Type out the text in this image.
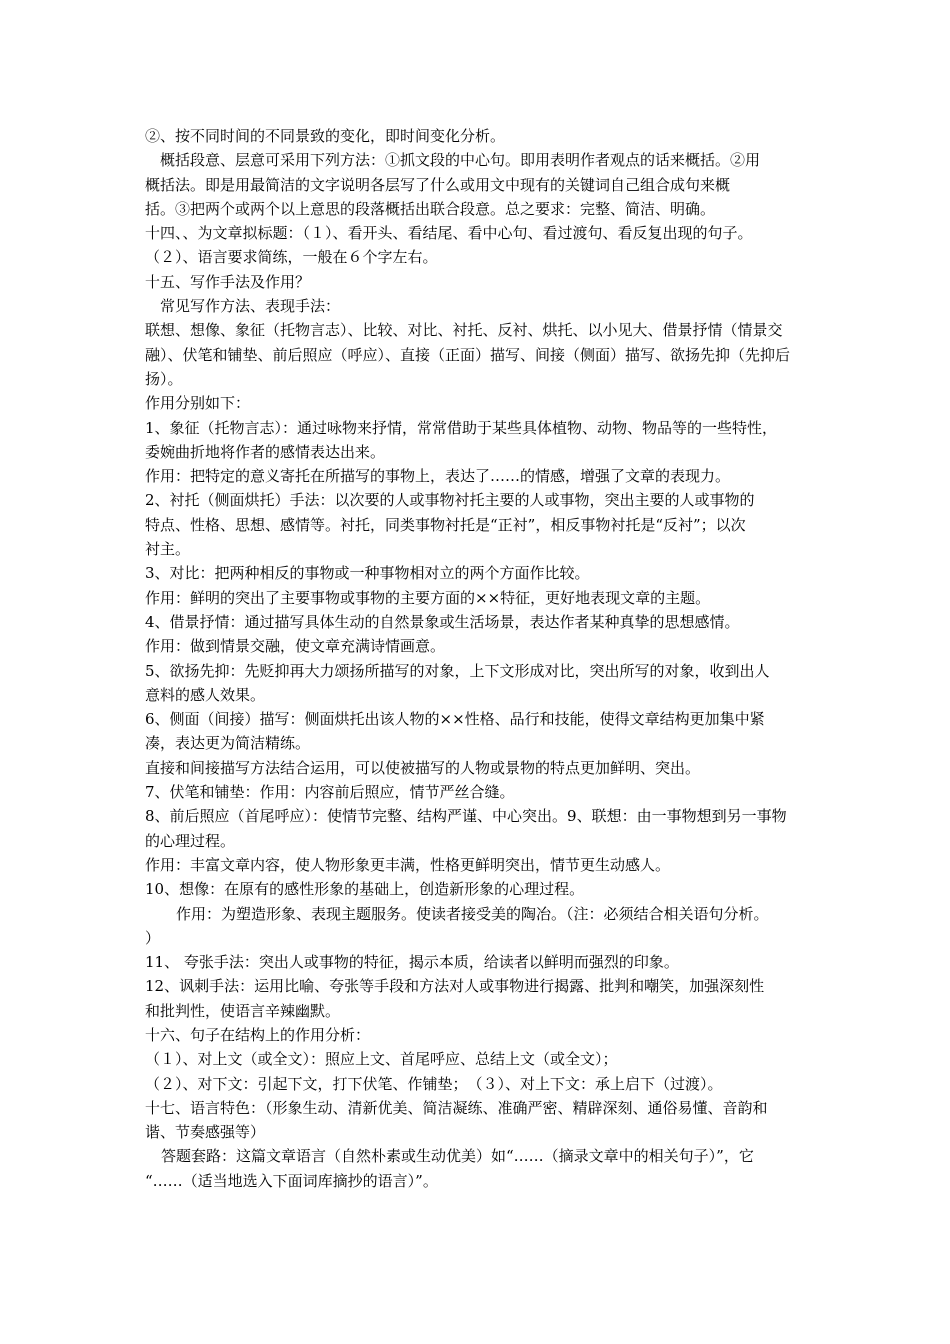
②、按不同时间的不同景致的变化，即时间变化分析。

概括段意、层意可采用下列方法：①抓文段的中心句。即用表明作者观点的话来概括。②用

概括法。即是用最简洁的文字说明各层写了什么或用文中现有的关键词自己组合成句来概

括。③把两个或两个以上意思的段落概括出联合段意。总之要求：完整、简洁、明确。

十四、、为文章拟标题：（１）、看开头、看结尾、看中心句、看过渡句、看反复出现的句子。

（２）、语言要求简练，一般在６个字左右。

十五、写作手法及作用？

常见写作方法、表现手法：

联想、想像、象征（托物言志）、比较、对比、衬托、反衬、烘托、以小见大、借景抒情（情景交

融）、伏笔和铺垫、前后照应（呼应）、直接（正面）描写、间接（侧面）描写、欲扬先抑（先抑后

扬）。

作用分别如下：

1、象征（托物言志）：通过咏物来抒情，常常借助于某些具体植物、动物、物品等的一些特性，

委婉曲折地将作者的感情表达出来。

作用：把特定的意义寄托在所描写的事物上，表达了……的情感，增强了文章的表现力。

2、衬托（侧面烘托）手法：以次要的人或事物衬托主要的人或事物，突出主要的人或事物的

特点、性格、思想、感情等。衬托，同类事物衬托是“正衬”，相反事物衬托是“反衬”；以次

衬主。

3、对比：把两种相反的事物或一种事物相对立的两个方面作比较。

作用：鲜明的突出了主要事物或事物的主要方面的××特征，更好地表现文章的主题。

4、借景抒情：通过描写具体生动的自然景象或生活场景，表达作者某种真挚的思想感情。

作用：做到情景交融，使文章充满诗情画意。

5、欲扬先抑：先贬抑再大力颂扬所描写的对象，上下文形成对比，突出所写的对象，收到出人

意料的感人效果。

6、侧面（间接）描写：侧面烘托出该人物的××性格、品行和技能，使得文章结构更加集中紧

凑，表达更为简洁精练。

直接和间接描写方法结合运用，可以使被描写的人物或景物的特点更加鲜明、突出。

7、伏笔和铺垫：作用：内容前后照应，情节严丝合缝。

8、前后照应（首尾呼应）：使情节完整、结构严谨、中心突出。9、联想：由一事物想到另一事物

的心理过程。

作用：丰富文章内容，使人物形象更丰满，性格更鲜明突出，情节更生动感人。

10、想像：在原有的感性形象的基础上，创造新形象的心理过程。

作用：为塑造形象、表现主题服务。使读者接受美的陶冶。（注：必须结合相关语句分析。

）

11、 夸张手法：突出人或事物的特征，揭示本质，给读者以鲜明而强烈的印象。

12、讽刺手法：运用比喻、夸张等手段和方法对人或事物进行揭露、批判和嘲笑，加强深刻性

和批判性，使语言辛辣幽默。

十六、句子在结构上的作用分析：

（１）、对上文（或全文）：照应上文、首尾呼应、总结上文（或全文）；

（２）、对下文：引起下文，打下伏笔、作铺垫；　（３）、对上下文：承上启下（过渡）。

十七、语言特色：（形象生动、清新优美、简洁凝练、准确严密、精辟深刻、通俗易懂、音韵和

谐、节奏感强等）

答题套路：这篇文章语言（自然朴素或生动优美）如“……（摘录文章中的相关句子）”，它

“……（适当地选入下面词库摘抄的语言）”。
